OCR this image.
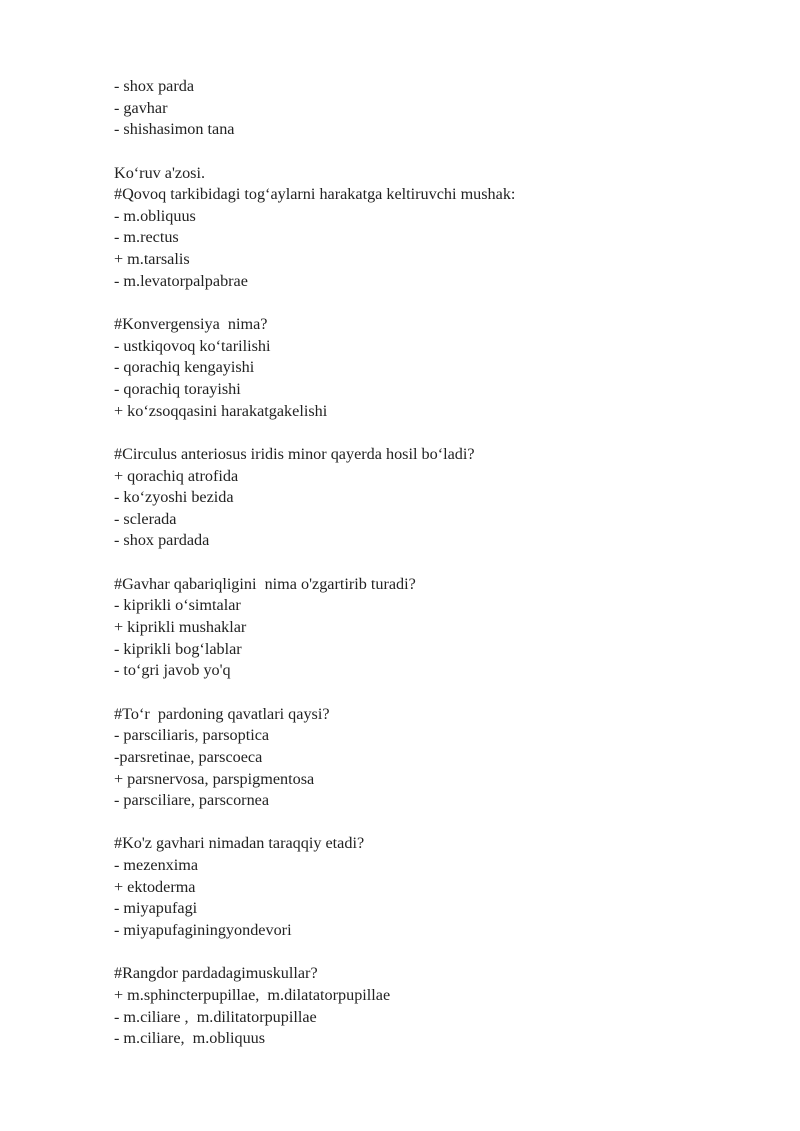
- shox parda
- gavhar
- shishasimon tana
Ko‘ruv a'zosi.
#Qovoq tarkibidagi tog‘aylarni harakatga keltiruvchi mushak:
- m.obliquus
- m.rectus
+ m.tarsalis
- m.levatorpalpabrae
#Konvergensiya  nima?
- ustkiqovoq ko‘tarilishi
- qorachiq kengayishi
- qorachiq torayishi
+ ko‘zsoqqasini harakatgakelishi
#Circulus anteriosus iridis minor qayerda hosil bo‘ladi?
+ qorachiq atrofida
- ko‘zyoshi bezida
- sclerada
- shox pardada
#Gavhar qabariqligini  nima o'zgartirib turadi?
- kiprikli o‘simtalar
+ kiprikli mushaklar
- kiprikli bog‘lablar
- to‘gri javob yo'q
#To‘r  pardoning qavatlari qaysi?
- parsciliaris, parsoptica
-parsretinae, parscoeca
+ parsnervosa, parspigmentosa
- parsciliare, parscornea
#Ko'z gavhari nimadan taraqqiy etadi?
- mezenxima
+ ektoderma
- miyapufagi
- miyapufaginingyondevori
#Rangdor pardadagimuskullar?
+ m.sphincterpupillae,  m.dilatatorpupillae
- m.ciliare ,  m.dilitatorpupillae
- m.ciliare,  m.obliquus
